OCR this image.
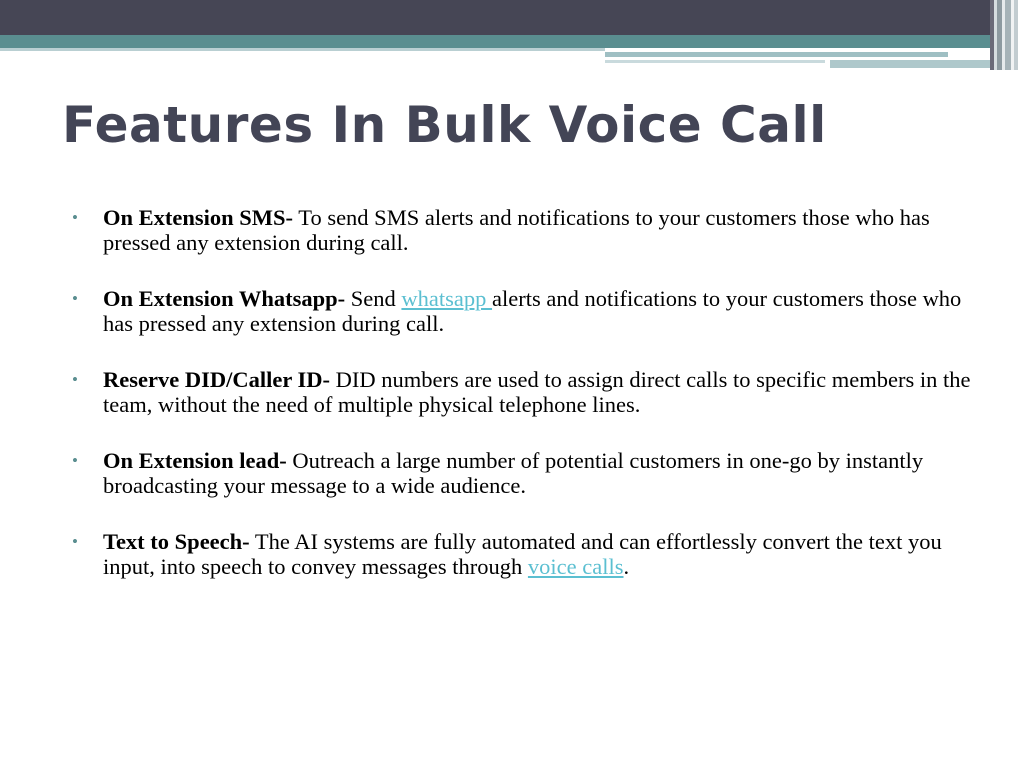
Features In Bulk Voice Call
• On Extension SMS- To send SMS alerts and notifications to your customers those who has pressed any extension during call.
• On Extension Whatsapp- Send whatsapp alerts and notifications to your customers those who has pressed any extension during call.
• Reserve DID/Caller ID- DID numbers are used to assign direct calls to specific members in the team, without the need of multiple physical telephone lines.
• On Extension lead- Outreach a large number of potential customers in one-go by instantly broadcasting your message to a wide audience.
• Text to Speech- The AI systems are fully automated and can effortlessly convert the text you input, into speech to convey messages through voice calls.
